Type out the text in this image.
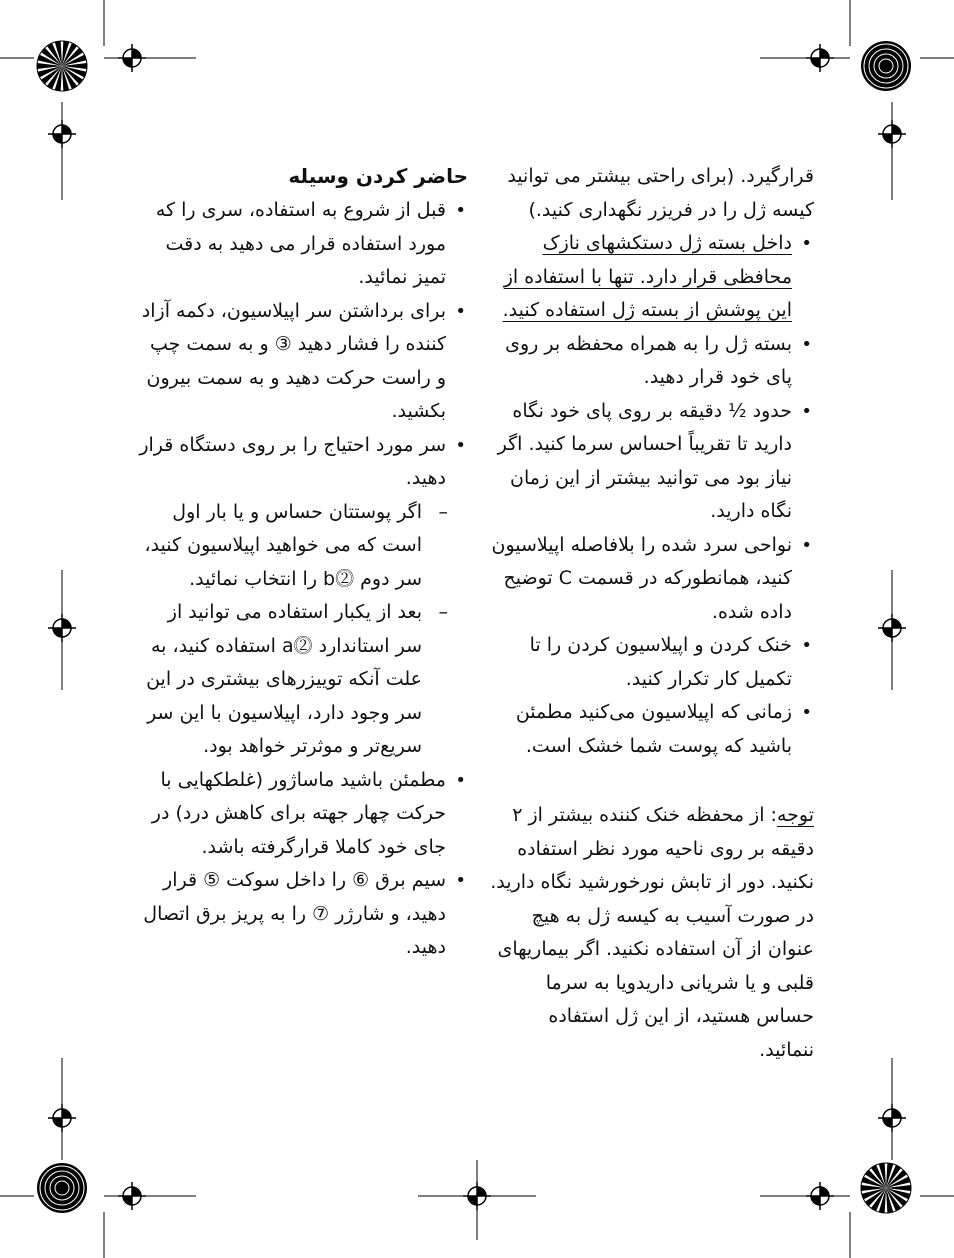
قرارگیرد. (برای راحتی بیشتر می توانید کیسه ژل را در فریزر نگهداری کنید.)

• داخل بسته ژل دستکشهای نازک محافظی قرار دارد. تنها با استفاده از این پوشش از بسته ژل استفاده کنید.
• بسته ژل را به همراه محفظه بر روی پای خود قرار دهید.
• حدود ½ دقیقه بر روی پای خود نگاه دارید تا تقریباً احساس سرما کنید. اگر نیاز بود می توانید بیشتر از این زمان نگاه دارید.
• نواحی سرد شده را بلافاصله اپیلاسیون کنید، همانطورکه در قسمت C توضیح داده شده.
• خنک کردن و اپیلاسیون کردن را تا تکمیل کار تکرار کنید.
• زمانی که اپیلاسیون می‌کنید مطمئن باشید که پوست شما خشک است.

توجه: از محفظه خنک کننده بیشتر از ۲ دقیقه بر روی ناحیه مورد نظر استفاده نکنید. دور از تابش نورخورشید نگاه دارید. در صورت آسیب به کیسه ژل به هیچ عنوان از آن استفاده نکنید. اگر بیماریهای قلبی و یا شریانی داریدویا به سرما حساس هستید، از این ژل استفاده ننمائید.

حاضر کردن وسیله
• قبل از شروع به استفاده، سری را که مورد استفاده قرار می دهید به دقت تمیز نمائید.
• برای برداشتن سر اپیلاسیون، دکمه آزاد کننده را فشار دهید ③ و به سمت چپ و راست حرکت دهید و به سمت بیرون بکشید.
• سر مورد احتیاج را بر روی دستگاه قرار دهید.
– اگر پوستتان حساس و یا بار اول است که می خواهید اپیلاسیون کنید، سر دوم ⓶b را انتخاب نمائید.
– بعد از یکبار استفاده می توانید از سر استاندارد ⓶a استفاده کنید، به علت آنکه توییزرهای بیشتری در این سر وجود دارد، اپیلاسیون با این سر سریع‌تر و موثرتر خواهد بود.
• مطمئن باشید ماساژور (غلطکهایی با حرکت چهار جهته برای کاهش درد) در جای خود کاملا قرارگرفته باشد.
• سیم برق ⑥ را داخل سوکت ⑤ قرار دهید، و شارژر ⑦ را به پریز برق اتصال دهید.
